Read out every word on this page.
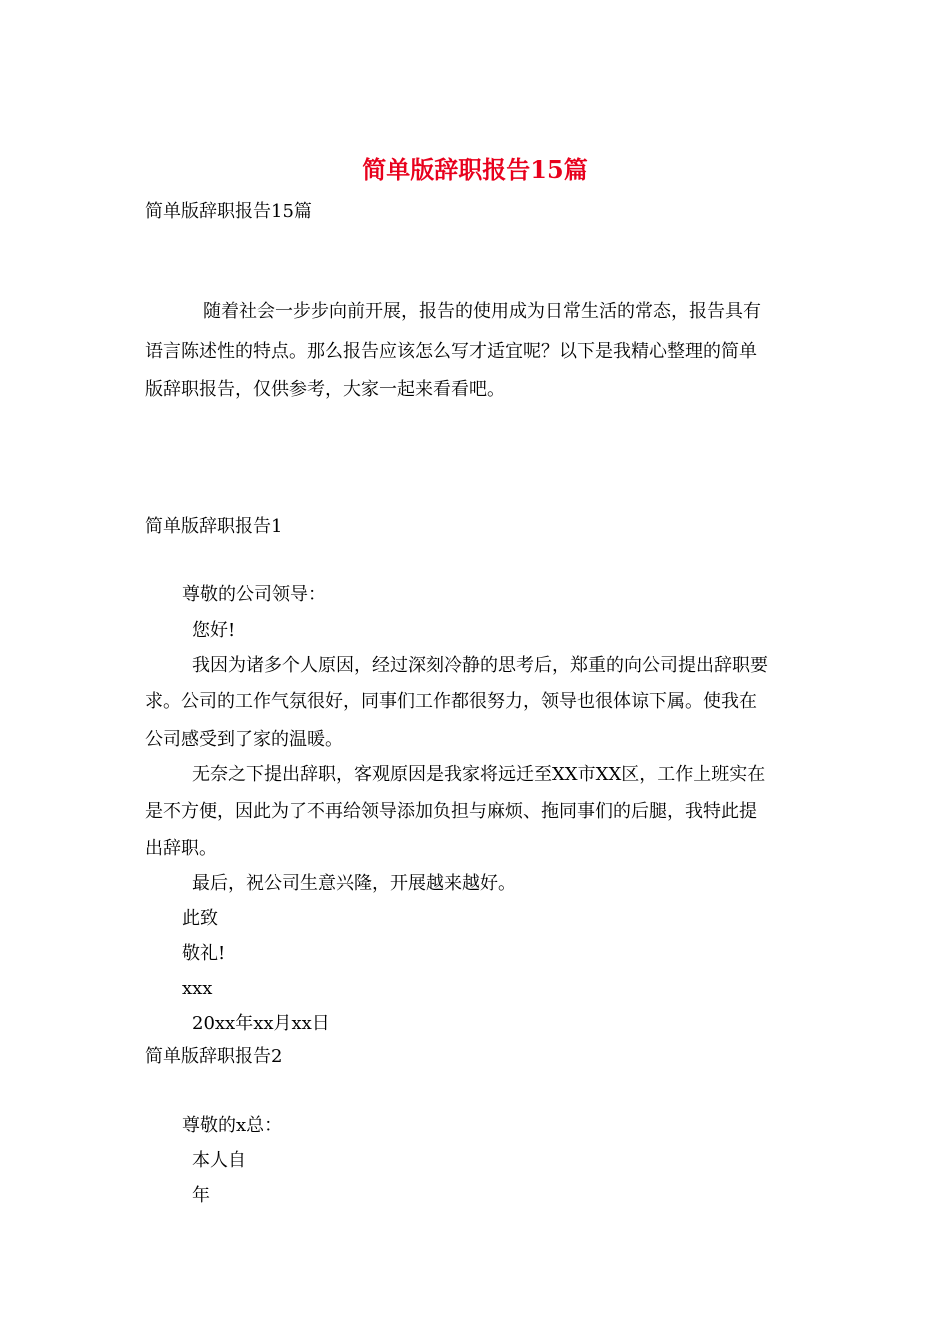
简单版辞职报告15篇
简单版辞职报告15篇
随着社会一步步向前开展，报告的使用成为日常生活的常态，报告具有
语言陈述性的特点。那么报告应该怎么写才适宜呢？以下是我精心整理的简单
版辞职报告，仅供参考，大家一起来看看吧。
简单版辞职报告1
尊敬的公司领导：
您好!
我因为诸多个人原因，经过深刻冷静的思考后，郑重的向公司提出辞职要
求。公司的工作气氛很好，同事们工作都很努力，领导也很体谅下属。使我在
公司感受到了家的温暖。
无奈之下提出辞职，客观原因是我家将远迁至XX市XX区，工作上班实在
是不方便，因此为了不再给领导添加负担与麻烦、拖同事们的后腿，我特此提
出辞职。
最后，祝公司生意兴隆，开展越来越好。
此致
敬礼!
xxx
20xx年xx月xx日
简单版辞职报告2
尊敬的x总：
本人自
年
